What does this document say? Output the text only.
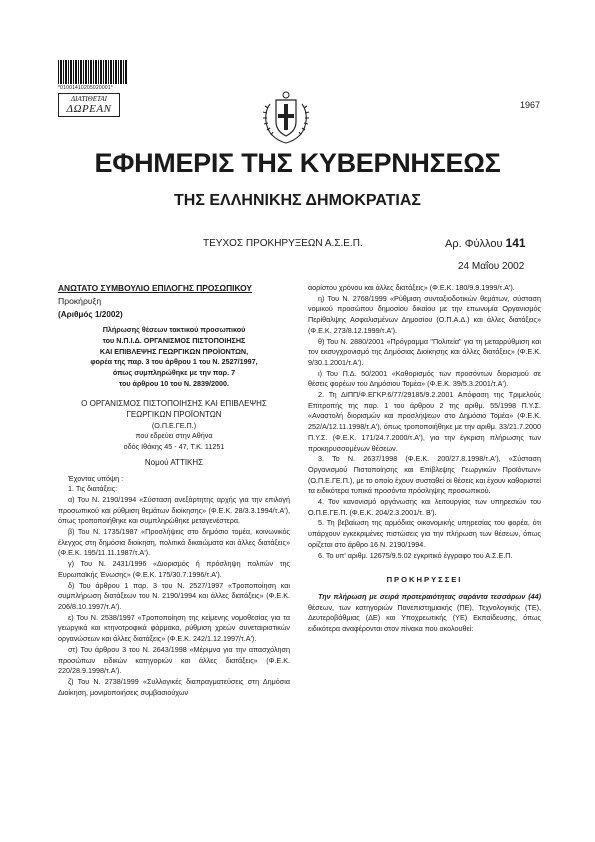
*01001410205020001*
ΔΙΑΤΙΘΕΤΑΙ
ΔΩΡΕΑΝ	1967
ΕΦΗΜΕΡΙΣ ΤΗΣ ΚΥΒΕΡΝΗΣΕΩΣ
ΤΗΣ ΕΛΛΗΝΙΚΗΣ ΔΗΜΟΚΡΑΤΙΑΣ
ΤΕΥΧΟΣ ΠΡΟΚΗΡΥΞΕΩΝ Α.Σ.Ε.Π.	Αρ. Φύλλου 141
24 Μαΐου 2002

ΑΝΩΤΑΤΟ ΣΥΜΒΟΥΛΙΟ ΕΠΙΛΟΓΗΣ ΠΡΟΣΩΠΙΚΟΥ

Προκήρυξη

(Αριθμός 1/2002)

Πλήρωσης θέσεων τακτικού προσωπικού

του Ν.Π.Ι.Δ. ΟΡΓΑΝΙΣΜΟΣ ΠΙΣΤΟΠΟΙΗΣΗΣ

ΚΑΙ ΕΠΙΒΛΕΨΗΣ ΓΕΩΡΓΙΚΩΝ ΠΡΟΪΟΝΤΩΝ,

φορέα της παρ. 3 του άρθρου 1 του Ν. 2527/1997,

όπως συμπληρώθηκε με την παρ. 7

του άρθρου 10 του Ν. 2839/2000.

Ο ΟΡΓΑΝΙΣΜΟΣ ΠΙΣΤΟΠΟΙΗΣΗΣ ΚΑΙ ΕΠΙΒΛΕΨΗΣ

ΓΕΩΡΓΙΚΩΝ ΠΡΟΪΟΝΤΩΝ

(Ο.Π.Ε.ΓΕ.Π.)

που εδρεύει στην Αθήνα

οδός Ιθάκης 45 - 47, Τ.Κ. 11251

Νομού ΑΤΤΙΚΗΣ

Έχοντας υπόψη :

1. Τις διατάξεις:

α) Του Ν. 2190/1994 «Σύσταση ανεξάρτητης αρχής για την επιλογή προσωπικού και ρύθμιση θεμάτων διοίκησης» (Φ.Ε.Κ. 28/3.3.1994/τ.Α'), όπως τροποποιήθηκε και συμπληρώθηκε μεταγενέστερα.

β) Του Ν. 1735/1987 «Προσλήψεις στο δημόσιο τομέα, κοινωνικός έλεγχος στη δημόσια διοίκηση, πολιτικά δικαιώματα και άλλες διατάξεις» (Φ.Ε.Κ. 195/11.11.1987/τ.Α').

γ) Του Ν. 2431/1996 «Διορισμός ή πρόσληψη πολιτών της Ευρωπαϊκής Ένωσης» (Φ.Ε.Κ. 175/30.7.1996/τ.Α').

δ) Του άρθρου 1 παρ. 3 του Ν. 2527/1997 «Τροποποίηση και συμπλήρωση διατάξεων του Ν. 2190/1994 και άλλες διατάξεις» (Φ.Ε.Κ. 206/8.10.1997/τ.Α').

ε) Του Ν. 2538/1997 «Τροποποίηση της κείμενης νομοθεσίας για τα γεωργικά και κτηνοτροφικά φάρμακα, ρύθμιση χρεών συνεταιριστικών οργανώσεων και άλλες διατάξεις» (Φ.Ε.Κ. 242/1.12.1997/τ.Α').

στ) Του άρθρου 3 του Ν. 2643/1998 «Μέριμνα για την απασχόληση προσώπων ειδικών κατηγοριών και άλλες διατάξεις» (Φ.Ε.Κ. 220/28.9.1998/τ.Α').

ζ) Του Ν. 2738/1999 «Συλλογικές διαπραγματεύσεις στη Δημόσια Διοίκηση, μονιμοποιήσεις συμβασιούχων

αορίστου χρόνου και άλλες διατάξεις» (Φ.Ε.Κ. 180/9.9.1999/τ.Α').

η) Του Ν. 2768/1999 «Ρύθμιση συνταξιοδοτικών θεμάτων, σύσταση νομικού προσώπου δημοσίου δικαίου με την επωνυμία Οργανισμός Περίθαλψης Ασφαλισμένων Δημοσίου (Ο.Π.Α.Δ.) και άλλες διατάξεις» (Φ.Ε.Κ. 273/8.12.1999/τ.Α').

θ) Του Ν. 2880/2001 «Πρόγραμμα "Πολιτεία" για τη μεταρρύθμιση και τον εκσυγχρονισμό της Δημόσιας Διοίκησης και άλλες διατάξεις» (Φ.Ε.Κ. 9/30.1.2001/τ.Α').

ι) Του Π.Δ. 50/2001 «Καθορισμός των προσόντων διορισμού σε θέσεις φορέων του Δημόσιου Τομέα» (Φ.Ε.Κ. 39/5.3.2001/τ.Α').

2. Τη ΔΙΠΠ/Φ.ΕΓΚΡ.6/77/29185/9.2.2001 Απόφαση της Τριμελούς Επιτροπής της παρ. 1 του άρθρου 2 της αριθμ. 55/1998 Π.Υ.Σ. «Αναστολή διορισμών και προσλήψεων στο Δημόσιο Τομέα» (Φ.Ε.Κ. 252/Α/12.11.1998/τ.Α'), όπως τροποποιήθηκε με την αριθμ. 33/21.7.2000 Π.Υ.Σ. (Φ.Ε.Κ. 171/24.7.2000/τ.Α'), για την έγκριση πλήρωσης των προκηρυσσομένων θέσεων.

3. Το Ν. 2637/1998 (Φ.Ε.Κ. 200/27.8.1998/τ.Α'), «Σύσταση Οργανισμού Πιστοποίησης και Επίβλεψης Γεωργικών Προϊόντων» (Ο.Π.Ε.ΓΕ.Π.), με το οποίο έχουν συσταθεί οι θέσεις και έχουν καθοριστεί τα ειδικότερα τυπικά προσόντα πρόσληψης προσωπικού.

4. Τον κανονισμό οργάνωσης και λειτουργίας των υπηρεσιών του Ο.Π.Ε.ΓΕ.Π. (Φ.Ε.Κ. 204/2.3.2001/τ. Β').

5. Τη βεβαίωση της αρμόδιας οικονομικής υπηρεσίας του φορέα, ότι υπάρχουν εγκεκριμένες πιστώσεις για την πλήρωση των θέσεων, όπως ορίζεται στο άρθρο 16 Ν. 2190/1994.

6. Το υπ' αριθμ. 12675/9.5.02 εγκριτικό έγγραφο του Α.Σ.Ε.Π.

ΠΡΟΚΗΡΥΣΣΕΙ

Την πλήρωση με σειρά προτεραιότητας σαράντα τεσσάρων (44) θέσεων, των κατηγοριών Πανεπιστημιακής (ΠΕ), Τεχνολογικής (ΤΕ), Δευτεροβάθμιας (ΔΕ) και Υποχρεωτικής (ΥΕ) Εκπαίδευσης, όπως ειδικότερα αναφέρονται στον πίνακα που ακολουθεί:
